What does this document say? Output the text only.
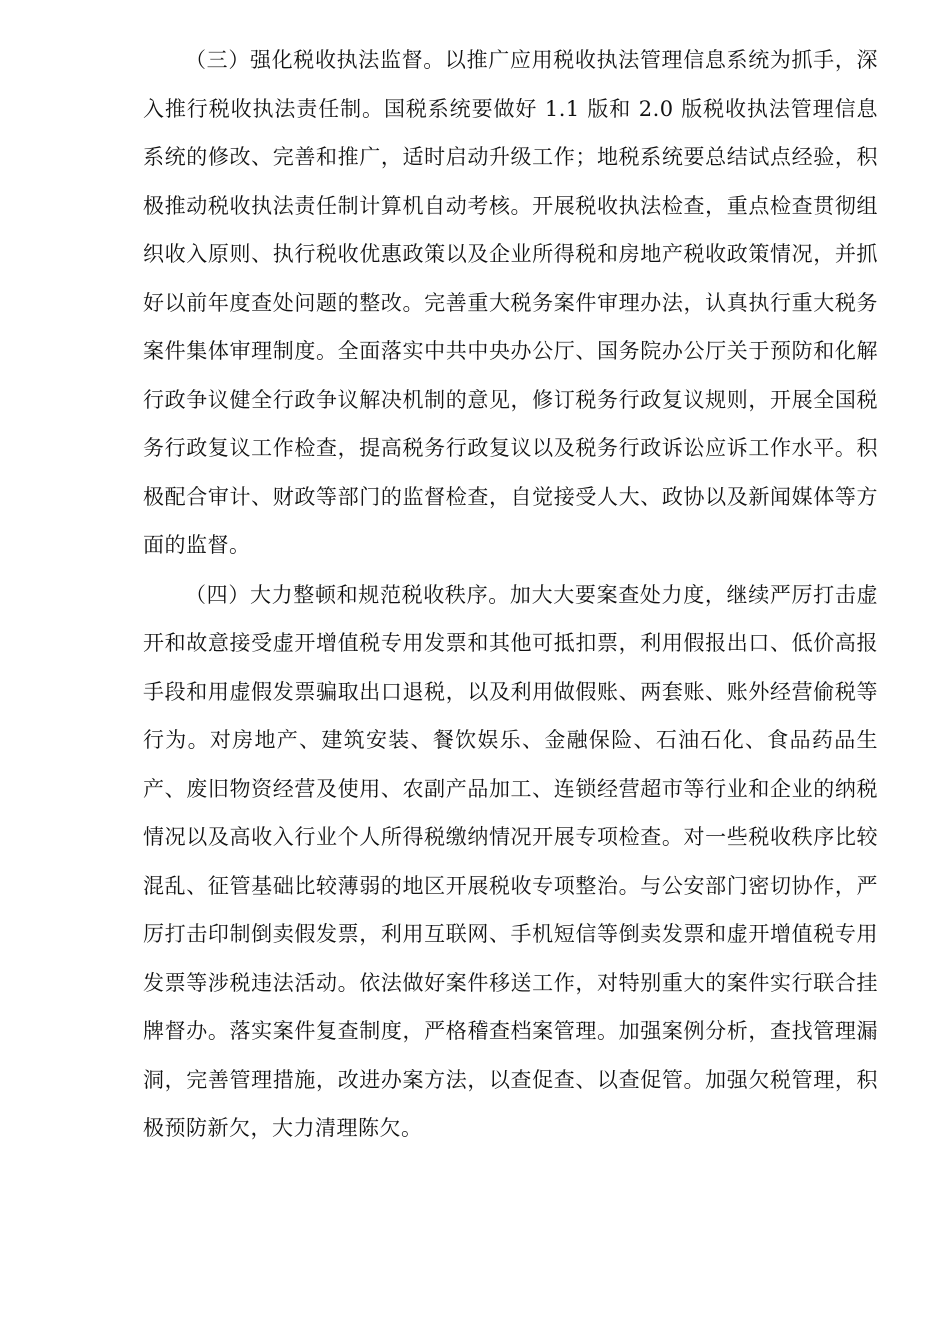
（三）强化税收执法监督。以推广应用税收执法管理信息系统为抓手，深入推行税收执法责任制。国税系统要做好 1.1 版和 2.0 版税收执法管理信息系统的修改、完善和推广，适时启动升级工作；地税系统要总结试点经验，积极推动税收执法责任制计算机自动考核。开展税收执法检查，重点检查贯彻组织收入原则、执行税收优惠政策以及企业所得税和房地产税收政策情况，并抓好以前年度查处问题的整改。完善重大税务案件审理办法，认真执行重大税务案件集体审理制度。全面落实中共中央办公厅、国务院办公厅关于预防和化解行政争议健全行政争议解决机制的意见，修订税务行政复议规则，开展全国税务行政复议工作检查，提高税务行政复议以及税务行政诉讼应诉工作水平。积极配合审计、财政等部门的监督检查，自觉接受人大、政协以及新闻媒体等方面的监督。

（四）大力整顿和规范税收秩序。加大大要案查处力度，继续严厉打击虚开和故意接受虚开增值税专用发票和其他可抵扣票，利用假报出口、低价高报手段和用虚假发票骗取出口退税，以及利用做假账、两套账、账外经营偷税等行为。对房地产、建筑安装、餐饮娱乐、金融保险、石油石化、食品药品生产、废旧物资经营及使用、农副产品加工、连锁经营超市等行业和企业的纳税情况以及高收入行业个人所得税缴纳情况开展专项检查。对一些税收秩序比较混乱、征管基础比较薄弱的地区开展税收专项整治。与公安部门密切协作，严厉打击印制倒卖假发票，利用互联网、手机短信等倒卖发票和虚开增值税专用发票等涉税违法活动。依法做好案件移送工作，对特别重大的案件实行联合挂牌督办。落实案件复查制度，严格稽查档案管理。加强案例分析，查找管理漏洞，完善管理措施，改进办案方法，以查促查、以查促管。加强欠税管理，积极预防新欠，大力清理陈欠。
